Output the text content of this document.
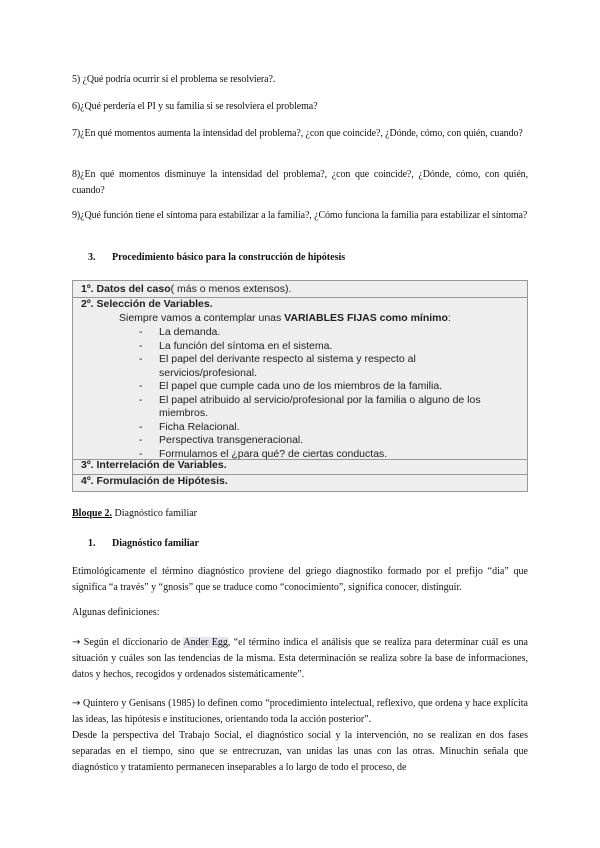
5) ¿Qué podría ocurrir si el problema se resolviera?.
6)¿Qué perdería el PI y su familia si se resolviera el problema?
7)¿En qué momentos aumenta la intensidad del problema?, ¿con que coincide?, ¿Dónde, cómo, con quién, cuando?
8)¿En qué momentos disminuye la intensidad del problema?, ¿con que coincide?, ¿Dónde, cómo, con quién, cuando?
9)¿Qué función tiene el síntoma para estabilizar a la familia?, ¿Cómo funciona la familia para estabilizar el síntoma?
3. Procedimiento básico para la construcción de hipótesis
1º. Datos del caso( más o menos extensos).
2º. Selección de Variables.
Siempre vamos a contemplar unas VARIABLES FIJAS como mínimo:
- La demanda.
- La función del síntoma en el sistema.
- El papel del derivante respecto al sistema y respecto al servicios/profesional.
- El papel que cumple cada uno de los miembros de la familia.
- El papel atribuido al servicio/profesional por la familia o alguno de los miembros.
- Ficha Relacional.
- Perspectiva transgeneracional.
- Formulamos el ¿para qué? de ciertas conductas.
3º. Interrelación de Variables.
4º. Formulación de Hipótesis.
Bloque 2. Diagnóstico familiar
1. Diagnóstico familiar
Etimológicamente el término diagnóstico proviene del griego diagnostiko formado por el prefijo “dia” que significa “a través” y “gnosis” que se traduce como “conocimiento”, significa conocer, distinguir.
Algunas definiciones:
→ Según el diccionario de Ander Egg, “el término indica el análisis que se realiza para determinar cuál es una situación y cuáles son las tendencias de la misma. Esta determinación se realiza sobre la base de informaciones, datos y hechos, recogidos y ordenados sistemáticamente”.
→ Quintero y Genisans (1985) lo definen como “procedimiento intelectual, reflexivo, que ordena y hace explícita las ideas, las hipótesis e instituciones, orientando toda la acción posterior”.
Desde la perspectiva del Trabajo Social, el diagnóstico social y la intervención, no se realizan en dos fases separadas en el tiempo, sino que se entrecruzan, van unidas las unas con las otras. Minuchin señala que diagnóstico y tratamiento permanecen inseparables a lo largo de todo el proceso, de
